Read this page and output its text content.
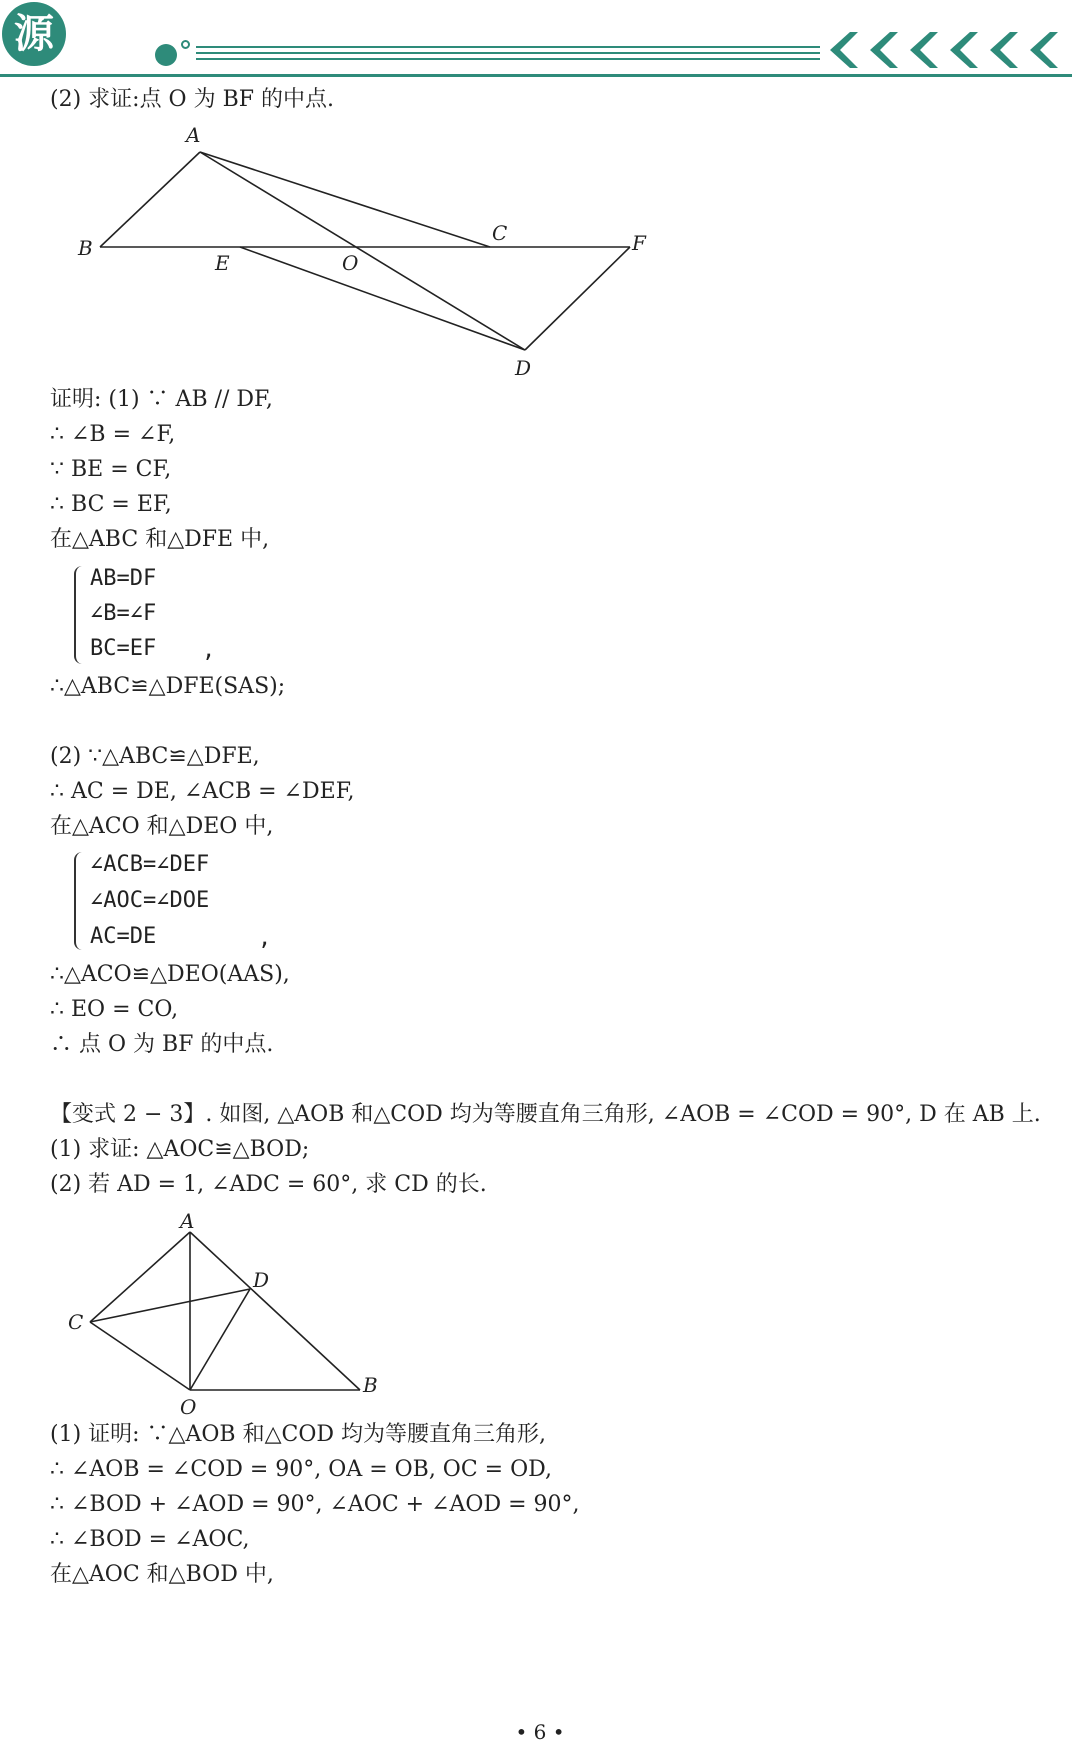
源
(2) 求证:点 O 为 BF 的中点.
A
B
C
D
E
F
O
证明: (1) ∵ AB // DF,
∴ ∠B = ∠F,
∵ BE = CF,
∴ BC = EF,
在△ABC 和△DFE 中,
AB=DF
∠B=∠F
BC=EF ,
∴△ABC≌△DFE(SAS);
(2) ∵△ABC≌△DFE,
∴ AC = DE, ∠ACB = ∠DEF,
在△ACO 和△DEO 中,
∠ACB=∠DEF
∠AOC=∠DOE
AC=DE	,
∴△ACO≌△DEO(AAS),
∴ EO = CO,
∴ 点 O 为 BF 的中点.
【变式 2 − 3】. 如图, △AOB 和△COD 均为等腰直角三角形, ∠AOB = ∠COD = 90°, D 在 AB 上.
(1) 求证: △AOC≌△BOD;
(2) 若 AD = 1, ∠ADC = 60°, 求 CD 的长.
A
B
C
D
O
(1) 证明: ∵△AOB 和△COD 均为等腰直角三角形,
∴ ∠AOB = ∠COD = 90°, OA = OB, OC = OD,
∴ ∠BOD + ∠AOD = 90°, ∠AOC + ∠AOD = 90°,
∴ ∠BOD = ∠AOC,
在△AOC 和△BOD 中,
• 6 •
